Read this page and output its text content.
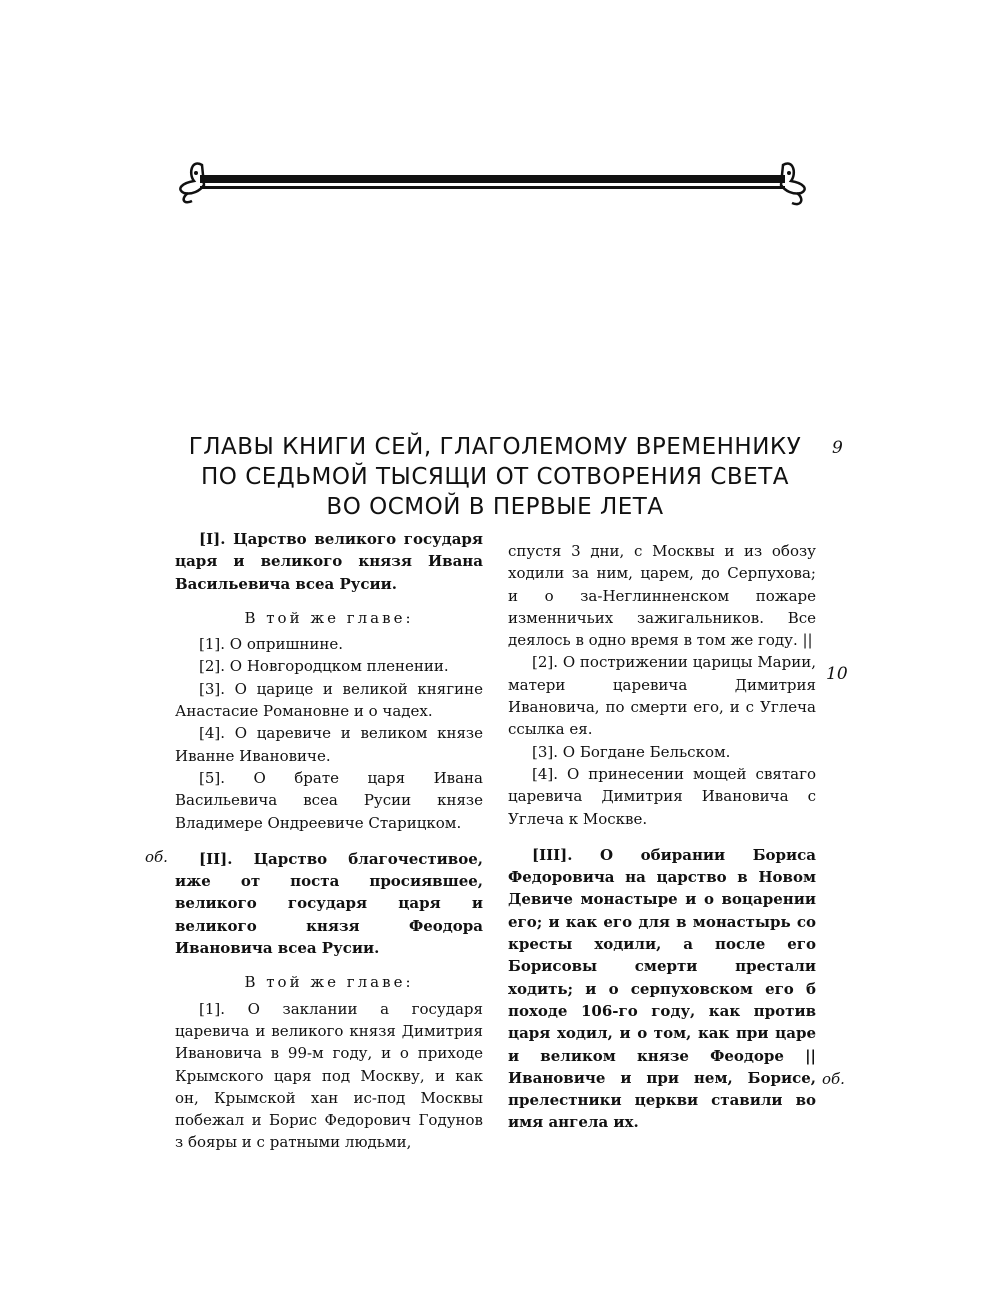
ГЛАВЫ КНИГИ СЕЙ, ГЛАГОЛЕМОМУ ВРЕМЕННИКУ
ПО СЕДЬМОЙ ТЫСЯЩИ ОТ СОТВОРЕНИЯ СВЕТА
ВО ОСМОЙ В ПЕРВЫЕ ЛЕТА
9
10
об.
об.

[I]. Царство великого государя царя и великого князя Ивана Васильевича всеа Русии.

В той же главе:

[1]. О опришнине.

[2]. О Новгородцком пленении.

[3]. О царице и великой княгине Анастасие Романовне и о чадех.

[4]. О царевиче и великом князе Иванне Ивановиче.

[5]. О брате царя Ивана Васильевича всеа Русии князе Владимере Ондреевиче Старицком.

[II]. Царство благочестивое, иже от поста просиявшее, великого государя царя и великого князя Феодора Ивановича всеа Русии.

В той же главе:

[1]. О заклании а государя царевича и великого князя Димитрия Ивановича в 99-м году, и о приходе Крымского царя под Москву, и как он, Крымской хан ис-под Москвы побежал и Борис Федорович Годунов з бояры и с ратными людьми,

спустя 3 дни, с Москвы и из обозу ходили за ним, царем, до Серпухова; и о за-Неглинненском пожаре изменничьих зажигальников. Все деялось в одно время в том же году. ||

[2]. О пострижении царицы Марии, матери царевича Димитрия Ивановича, по смерти его, и с Углеча ссылка ея.

[3]. О Богдане Бельском.

[4]. О принесении мощей святаго царевича Димитрия Ивановича с Углеча к Москве.

[III]. О обирании Бориса Федоровича на царство в Новом Девиче монастыре и о воцарении его; и как его для в монастырь со кресты ходили, а после его Борисовы смерти престали ходить; и о серпуховском его б походе 106-го году, как против царя ходил, и о том, как при царе и великом князе Феодоре || Ивановиче и при нем, Борисе, прелестники церкви ставили во имя ангела их.
